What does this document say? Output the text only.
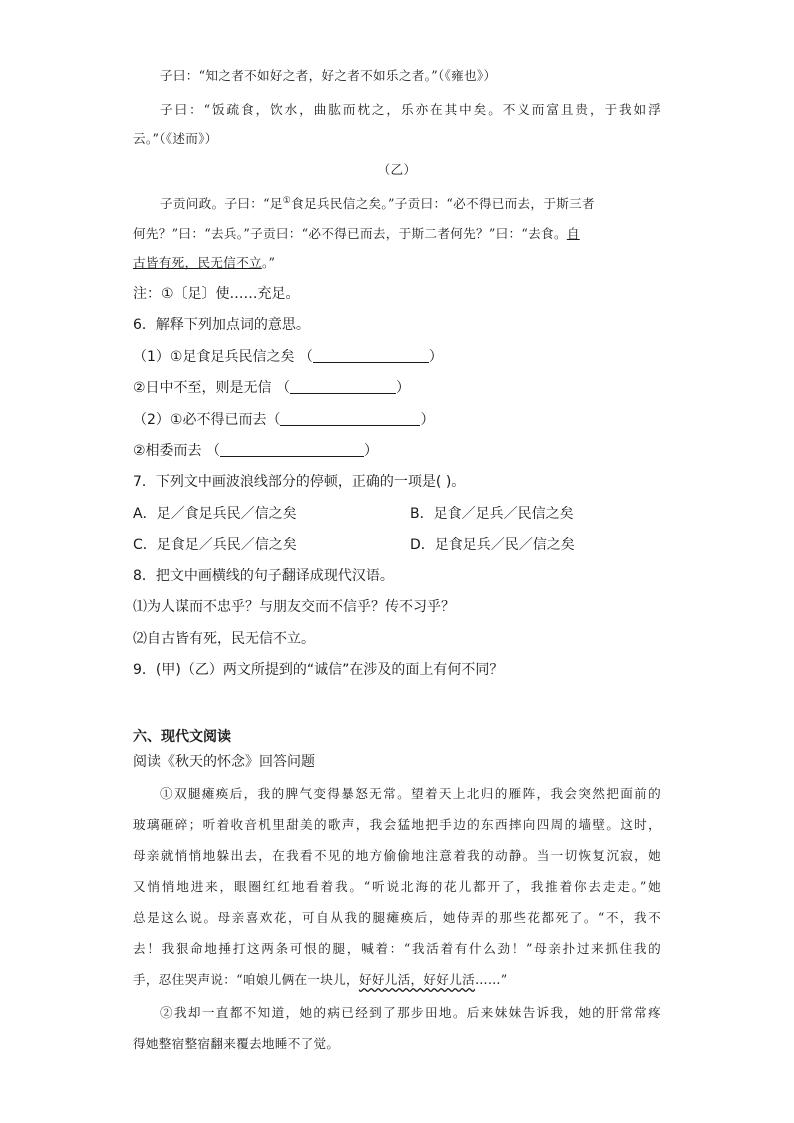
子曰：“知之者不如好之者，好之者不如乐之者。”（《雍也》）
子曰：“饭疏食，饮水，曲肱而枕之，乐亦在其中矣。不义而富且贵，于我如浮
云。”（《述而》）
（乙）
子贡问政。子曰：“足①食足兵民信之矣。”子贡曰：“必不得已而去，于斯三者
何先？”曰：“去兵。”子贡曰：“必不得已而去，于斯二者何先？”曰：“去食。自
古皆有死，民无信不立。”
注：①〔足〕使……充足。
6．解释下列加点词的意思。
（1）①足食足兵民信之矣 （	）
②日中不至，则是无信 （	）
（2）①必不得已而去（	）
②相委而去 （	）
7．下列文中画波浪线部分的停顿，正确的一项是( )。
A．足／食足兵民／信之矣	B．足食／足兵／民信之矣
C．足食足／兵民／信之矣	D．足食足兵／民／信之矣
8．把文中画横线的句子翻译成现代汉语。
⑴为人谋而不忠乎？与朋友交而不信乎？传不习乎？
⑵自古皆有死，民无信不立。
9．(甲)（乙）两文所提到的“诚信”在涉及的面上有何不同？
六、现代文阅读
阅读《秋天的怀念》回答问题
①双腿瘫痪后，我的脾气变得暴怒无常。望着天上北归的雁阵，我会突然把面前的
玻璃砸碎；听着收音机里甜美的歌声，我会猛地把手边的东西摔向四周的墙壁。这时，
母亲就悄悄地躲出去，在我看不见的地方偷偷地注意着我的动静。当一切恢复沉寂，她
又悄悄地进来，眼圈红红地看着我。“听说北海的花儿都开了，我推着你去走走。”她
总是这么说。母亲喜欢花，可自从我的腿瘫痪后，她侍弄的那些花都死了。“不，我不
去！我狠命地捶打这两条可恨的腿，喊着：“我活着有什么劲！”母亲扑过来抓住我的
手，忍住哭声说：“咱娘儿俩在一块儿，好好儿活，好好儿活……”
②我却一直都不知道，她的病已经到了那步田地。后来妹妹告诉我，她的肝常常疼
得她整宿整宿翻来覆去地睡不了觉。
